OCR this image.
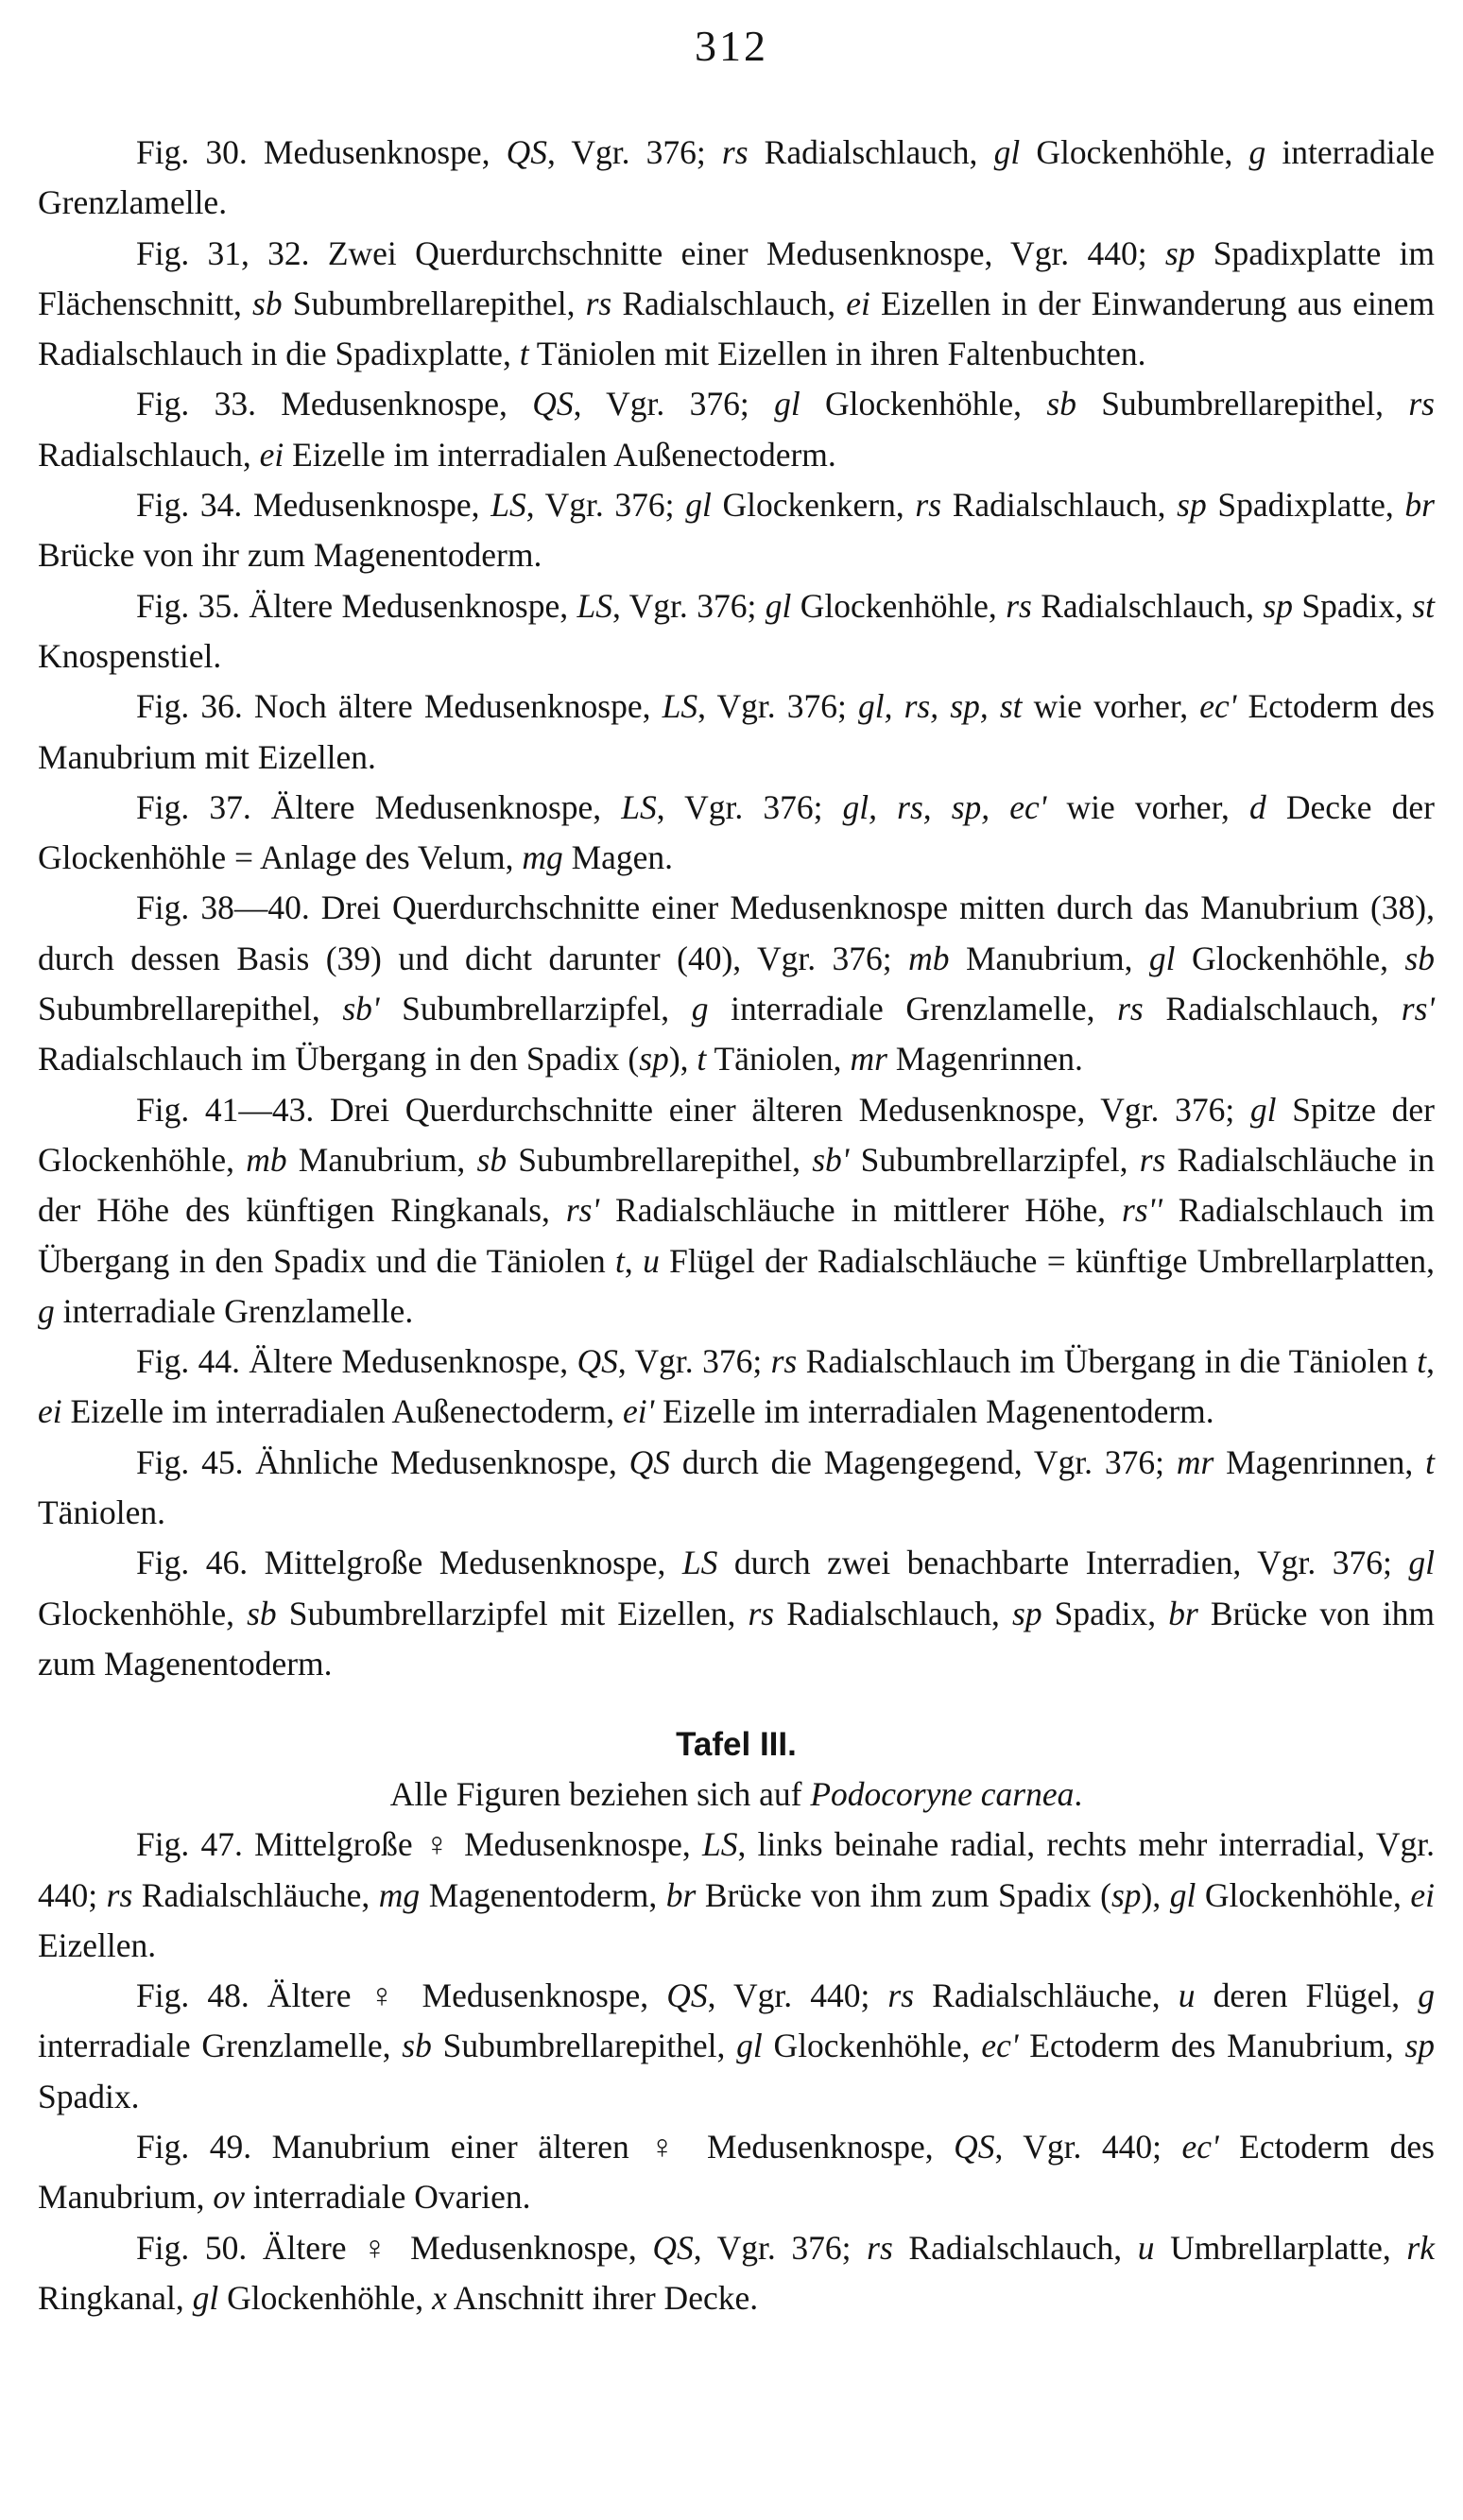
312

Fig. 30. Medusenknospe, QS, Vgr. 376; rs Radialschlauch, gl Glockenhöhle, g interradiale Grenzlamelle.

Fig. 31, 32. Zwei Querdurchschnitte einer Medusenknospe, Vgr. 440; sp Spadixplatte im Flächenschnitt, sb Subumbrellarepithel, rs Radialschlauch, ei Eizellen in der Einwanderung aus einem Radialschlauch in die Spadixplatte, t Täniolen mit Eizellen in ihren Faltenbuchten.

Fig. 33. Medusenknospe, QS, Vgr. 376; gl Glockenhöhle, sb Subumbrellarepithel, rs Radialschlauch, ei Eizelle im interradialen Außenectoderm.

Fig. 34. Medusenknospe, LS, Vgr. 376; gl Glockenkern, rs Radialschlauch, sp Spadixplatte, br Brücke von ihr zum Magenentoderm.

Fig. 35. Ältere Medusenknospe, LS, Vgr. 376; gl Glockenhöhle, rs Radialschlauch, sp Spadix, st Knospenstiel.

Fig. 36. Noch ältere Medusenknospe, LS, Vgr. 376; gl, rs, sp, st wie vorher, ec' Ectoderm des Manubrium mit Eizellen.

Fig. 37. Ältere Medusenknospe, LS, Vgr. 376; gl, rs, sp, ec' wie vorher, d Decke der Glockenhöhle = Anlage des Velum, mg Magen.

Fig. 38—40. Drei Querdurchschnitte einer Medusenknospe mitten durch das Manubrium (38), durch dessen Basis (39) und dicht darunter (40), Vgr. 376; mb Manubrium, gl Glockenhöhle, sb Subumbrellarepithel, sb' Subumbrellarzipfel, g interradiale Grenzlamelle, rs Radialschlauch, rs' Radialschlauch im Übergang in den Spadix (sp), t Täniolen, mr Magenrinnen.

Fig. 41—43. Drei Querdurchschnitte einer älteren Medusenknospe, Vgr. 376; gl Spitze der Glockenhöhle, mb Manubrium, sb Subumbrellarepithel, sb' Subumbrellarzipfel, rs Radialschläuche in der Höhe des künftigen Ringkanals, rs' Radialschläuche in mittlerer Höhe, rs'' Radialschlauch im Übergang in den Spadix und die Täniolen t, u Flügel der Radialschläuche = künftige Umbrellarplatten, g interradiale Grenzlamelle.

Fig. 44. Ältere Medusenknospe, QS, Vgr. 376; rs Radialschlauch im Übergang in die Täniolen t, ei Eizelle im interradialen Außenectoderm, ei' Eizelle im interradialen Magenentoderm.

Fig. 45. Ähnliche Medusenknospe, QS durch die Magengegend, Vgr. 376; mr Magenrinnen, t Täniolen.

Fig. 46. Mittelgroße Medusenknospe, LS durch zwei benachbarte Interradien, Vgr. 376; gl Glockenhöhle, sb Subumbrellarzipfel mit Eizellen, rs Radialschlauch, sp Spadix, br Brücke von ihm zum Magenentoderm.

Tafel III.

Alle Figuren beziehen sich auf Podocoryne carnea.

Fig. 47. Mittelgroße ♀ Medusenknospe, LS, links beinahe radial, rechts mehr interradial, Vgr. 440; rs Radialschläuche, mg Magenentoderm, br Brücke von ihm zum Spadix (sp), gl Glockenhöhle, ei Eizellen.

Fig. 48. Ältere ♀ Medusenknospe, QS, Vgr. 440; rs Radialschläuche, u deren Flügel, g interradiale Grenzlamelle, sb Subumbrellarepithel, gl Glockenhöhle, ec' Ectoderm des Manubrium, sp Spadix.

Fig. 49. Manubrium einer älteren ♀ Medusenknospe, QS, Vgr. 440; ec' Ectoderm des Manubrium, ov interradiale Ovarien.

Fig. 50. Ältere ♀ Medusenknospe, QS, Vgr. 376; rs Radialschlauch, u Umbrellarplatte, rk Ringkanal, gl Glockenhöhle, x Anschnitt ihrer Decke.
